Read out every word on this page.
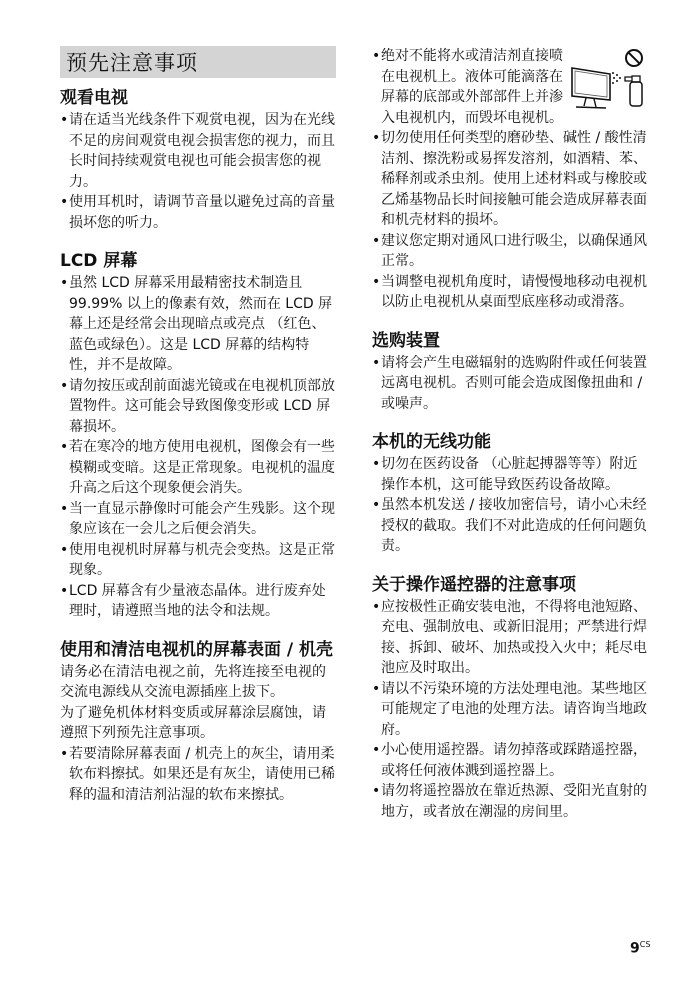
预先注意事项
观看电视

• 请在适当光线条件下观赏电视，因为在光线不足的房间观赏电视会损害您的视力，而且长时间持续观赏电视也可能会损害您的视力。

• 使用耳机时，请调节音量以避免过高的音量损坏您的听力。

LCD 屏幕

• 虽然 LCD 屏幕采用最精密技术制造且 99.99% 以上的像素有效，然而在 LCD 屏幕上还是经常会出现暗点或亮点 （红色、蓝色或绿色）。这是 LCD 屏幕的结构特性，并不是故障。

• 请勿按压或刮前面滤光镜或在电视机顶部放置物件。这可能会导致图像变形或 LCD 屏幕损坏。

• 若在寒冷的地方使用电视机，图像会有一些模糊或变暗。这是正常现象。电视机的温度升高之后这个现象便会消失。

• 当一直显示静像时可能会产生残影。这个现象应该在一会儿之后便会消失。

• 使用电视机时屏幕与机壳会变热。这是正常现象。

• LCD 屏幕含有少量液态晶体。进行废弃处理时，请遵照当地的法令和法规。

使用和清洁电视机的屏幕表面 / 机壳

请务必在清洁电视之前，先将连接至电视的交流电源线从交流电源插座上拔下。

为了避免机体材料变质或屏幕涂层腐蚀，请遵照下列预先注意事项。

• 若要清除屏幕表面 / 机壳上的灰尘，请用柔软布料擦拭。如果还是有灰尘，请使用已稀释的温和清洁剂沾湿的软布来擦拭。

• 绝对不能将水或清洁剂直接喷在电视机上。液体可能滴落在屏幕的底部或外部部件上并渗入电视机内，而毁坏电视机。

• 切勿使用任何类型的磨砂垫、碱性 / 酸性清洁剂、擦洗粉或易挥发溶剂，如酒精、苯、稀释剂或杀虫剂。使用上述材料或与橡胶或乙烯基物品长时间接触可能会造成屏幕表面和机壳材料的损坏。

• 建议您定期对通风口进行吸尘，以确保通风正常。

• 当调整电视机角度时，请慢慢地移动电视机以防止电视机从桌面型底座移动或滑落。

选购装置

• 请将会产生电磁辐射的选购附件或任何装置远离电视机。否则可能会造成图像扭曲和 / 或噪声。

本机的无线功能

• 切勿在医药设备 （心脏起搏器等等）附近操作本机，这可能导致医药设备故障。

• 虽然本机发送 / 接收加密信号，请小心未经授权的截取。我们不对此造成的任何问题负责。

关于操作遥控器的注意事项

• 应按极性正确安装电池，不得将电池短路、充电、强制放电、或新旧混用；严禁进行焊接、拆卸、破坏、加热或投入火中；耗尽电池应及时取出。

• 请以不污染环境的方法处理电池。某些地区可能规定了电池的处理方法。请咨询当地政府。

• 小心使用遥控器。请勿掉落或踩踏遥控器，或将任何液体溅到遥控器上。

• 请勿将遥控器放在靠近热源、受阳光直射的地方，或者放在潮湿的房间里。

$9^{CS}$
